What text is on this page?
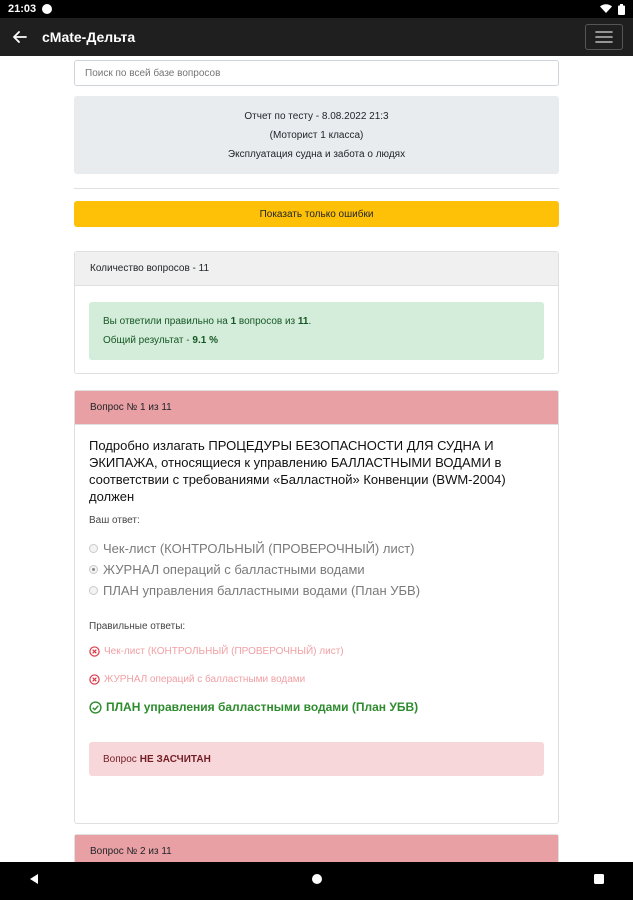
21:03
cMate-Дельта
Поиск по всей базе вопросов
Отчет по тесту - 8.08.2022 21:3
(Моторист 1 класса)
Эксплуатация судна и забота о людях
Показать только ошибки
Количество вопросов - 11
Вы ответили правильно на 1 вопросов из 11.
Общий результат - 9.1 %
Вопрос № 1 из 11
Подробно излагать ПРОЦЕДУРЫ БЕЗОПАСНОСТИ ДЛЯ СУДНА И ЭКИПАЖА, относящиеся к управлению БАЛЛАСТНЫМИ ВОДАМИ в соответствии с требованиями «Балластной» Конвенции (BWM-2004) должен
Ваш ответ:
Чек-лист (КОНТРОЛЬНЫЙ (ПРОВЕРОЧНЫЙ) лист)
ЖУРНАЛ операций с балластными водами
ПЛАН управления балластными водами (План УБВ)
Правильные ответы:
Чек-лист (КОНТРОЛЬНЫЙ (ПРОВЕРОЧНЫЙ) лист)
ЖУРНАЛ операций с балластными водами
ПЛАН управления балластными водами (План УБВ)
Вопрос НЕ ЗАСЧИТАН
Вопрос № 2 из 11
